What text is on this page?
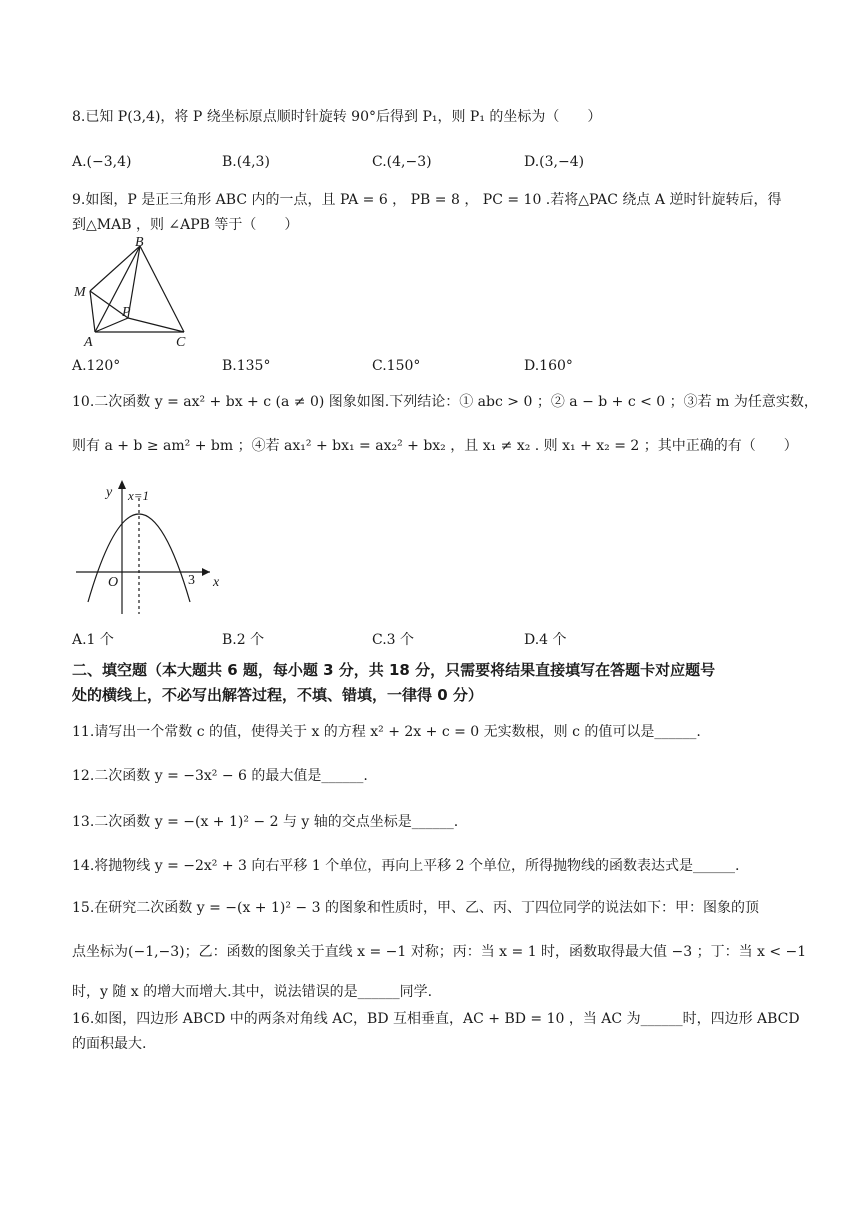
8.已知 P(3,4)，将 P 绕坐标原点顺时针旋转 90°后得到 P₁，则 P₁ 的坐标为（　　）
A.(−3,4)	B.(4,3)	C.(4,−3)	D.(3,−4)
9.如图，P 是正三角形 ABC 内的一点，且 PA = 6 ， PB = 8 ， PC = 10 .若将△PAC 绕点 A 逆时针旋转后，得
到△MAB ，则 ∠APB 等于（　　）
B
M
P
A	C
A.120°	B.135°	C.150°	D.160°
10.二次函数 y = ax² + bx + c (a ≠ 0) 图象如图.下列结论：① abc > 0 ；② a − b + c < 0 ；③若 m 为任意实数，
则有 a + b ≥ am² + bm ；④若 ax₁² + bx₁ = ax₂² + bx₂ ，且 x₁ ≠ x₂ . 则 x₁ + x₂ = 2 ；其中正确的有（　　）
y x=1
O	3 x
A.1 个	B.2 个	C.3 个	D.4 个
二、填空题（本大题共 6 题，每小题 3 分，共 18 分，只需要将结果直接填写在答题卡对应题号
处的横线上，不必写出解答过程，不填、错填，一律得 0 分）
11.请写出一个常数 c 的值，使得关于 x 的方程 x² + 2x + c = 0 无实数根，则 c 的值可以是______.
12.二次函数 y = −3x² − 6 的最大值是______.
13.二次函数 y = −(x + 1)² − 2 与 y 轴的交点坐标是______.
14.将抛物线 y = −2x² + 3 向右平移 1 个单位，再向上平移 2 个单位，所得抛物线的函数表达式是______.
15.在研究二次函数 y = −(x + 1)² − 3 的图象和性质时，甲、乙、丙、丁四位同学的说法如下：甲：图象的顶
点坐标为(−1,−3)；乙：函数的图象关于直线 x = −1 对称；丙：当 x = 1 时，函数取得最大值 −3 ；丁：当 x < −1
时，y 随 x 的增大而增大.其中，说法错误的是______同学.
16.如图，四边形 ABCD 中的两条对角线 AC，BD 互相垂直，AC + BD = 10 ，当 AC 为______时，四边形 ABCD
的面积最大.
